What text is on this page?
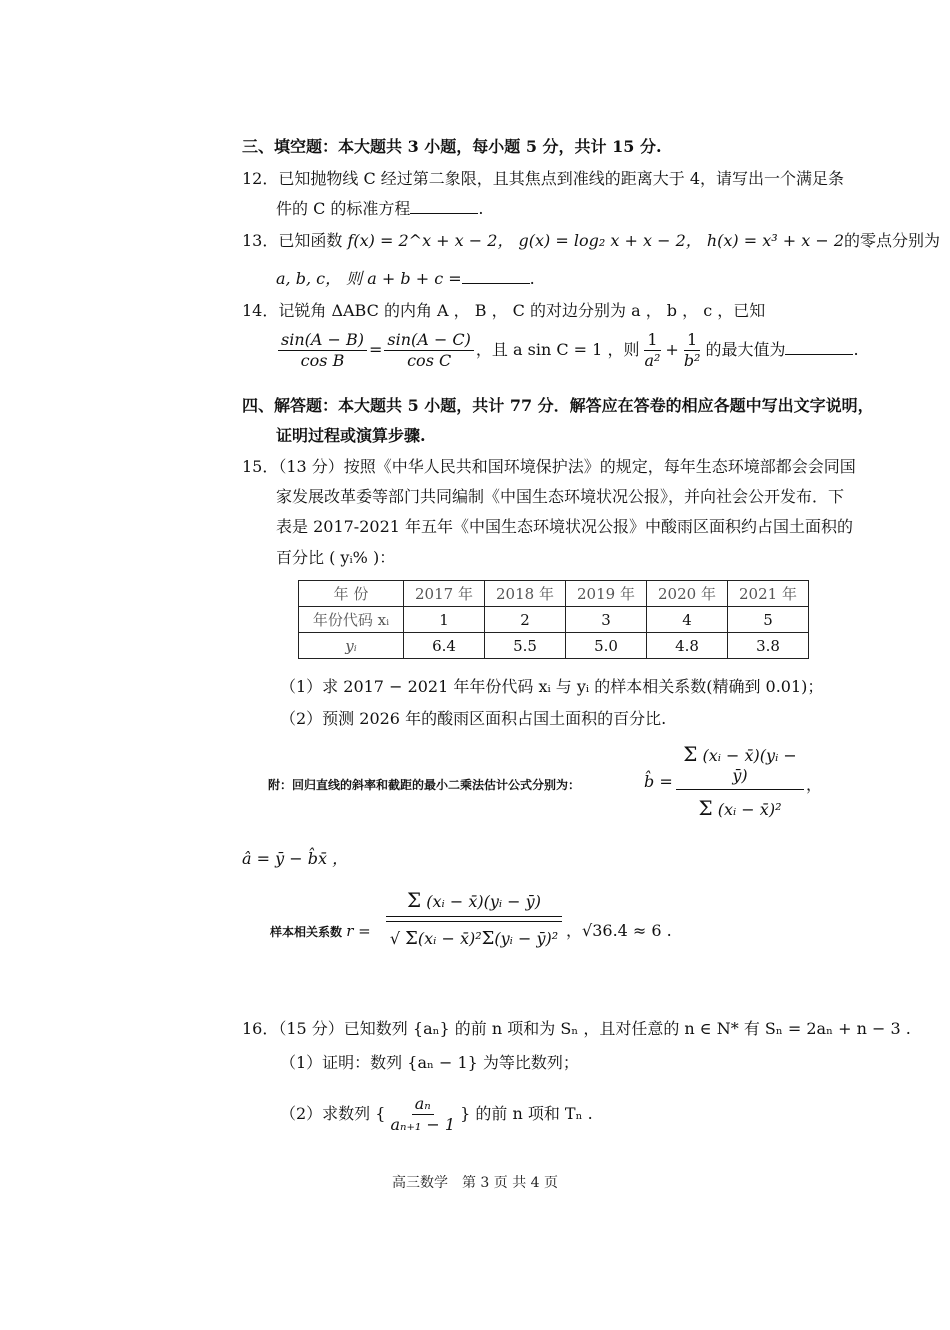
三、填空题：本大题共 3 小题，每小题 5 分，共计 15 分.
12．已知抛物线 C 经过第二象限，且其焦点到准线的距离大于 4，请写出一个满足条
件的 C 的标准方程	.
13．已知函数 f(x) = 2^x + x − 2， g(x) = log₂ x + x − 2， h(x) = x³ + x − 2的零点分别为
a, b, c， 则 a + b + c =	.
14．记锐角 ΔABC 的内角 A ， B ， C 的对边分别为 a ， b ， c ，已知
$\frac{\sin(A - B)}{\text{cos B}} = \frac{\sin(A - C)}{\text{cos C}}$ ，且 a sin C = 1 ，则 $\frac{1}{\text{a²}} + \frac{1}{\text{b²}}$ 的最大值为	.
四、解答题：本大题共 5 小题，共计 77 分．解答应在答卷的相应各题中写出文字说明，
证明过程或演算步骤.
15．（13 分）按照《中华人民共和国环境保护法》的规定，每年生态环境部都会会同国
家发展改革委等部门共同编制《中国生态环境状况公报》，并向社会公开发布．下
表是 2017-2021 年五年《中国生态环境状况公报》中酸雨区面积约占国土面积的
百分比 ( yᵢ% )：
年 份	2017 年	2018 年	2019 年	2020 年	2021 年
年份代码 xᵢ	1	2	3	4	5
yᵢ	6.4	5.5	5.0	4.8	3.8
（1）求 2017 − 2021 年年份代码 xᵢ 与 yᵢ 的样本相关系数(精确到 0.01)；
（2）预测 2026 年的酸雨区面积占国土面积的百分比.
附：回归直线的斜率和截距的最小二乘法估计公式分别为：	b̂ =
Σ (xᵢ − x̄)(yᵢ − ȳ)
Σ (xᵢ − x̄)²
，
â = ȳ − b̂x̄ ，
样本相关系数 r =
Σ (xᵢ − x̄)(yᵢ − ȳ)
√ Σ(xᵢ − x̄)²Σ(yᵢ − ȳ)² ，√36.4 ≈ 6 .
16．（15 分）已知数列 {aₙ} 的前 n 项和为 Sₙ ，且对任意的 n ∈ N* 有 Sₙ = 2aₙ + n − 3 .
（1）证明：数列 {aₙ − 1} 为等比数列；
（2）求数列 { $\frac{\text{aₙ}}{\text{aₙ₊₁ − 1}}$ } 的前 n 项和 Tₙ .
高三数学　第 3 页 共 4 页
